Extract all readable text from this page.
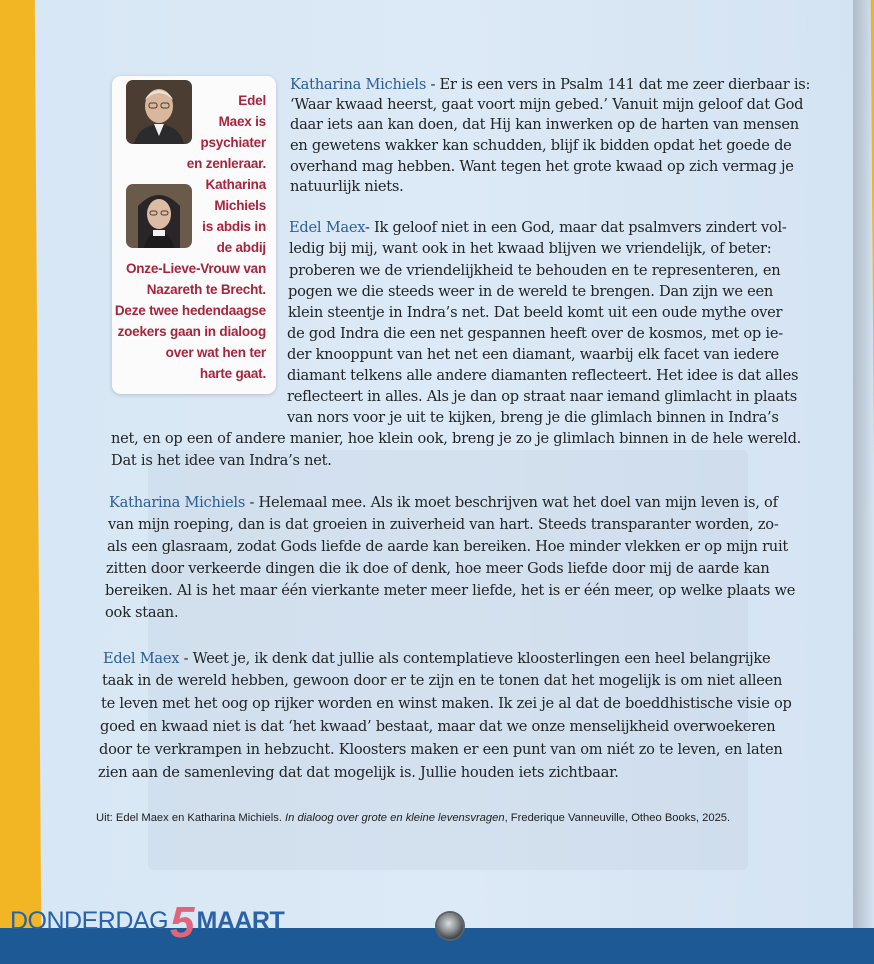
Edel
Maex is
psychiater
en zenleraar.
Katharina
Michiels
is abdis in
de abdij
Onze-Lieve-Vrouw van
Nazareth te Brecht.
Deze twee hedendaagse
zoekers gaan in dialoog
over wat hen ter
harte gaat.
Katharina Michiels - Er is een vers in Psalm 141 dat me zeer dierbaar is:
‘Waar kwaad heerst, gaat voort mijn gebed.’ Vanuit mijn geloof dat God
daar iets aan kan doen, dat Hij kan inwerken op de harten van mensen
en gewetens wakker kan schudden, blijf ik bidden opdat het goede de
overhand mag hebben. Want tegen het grote kwaad op zich vermag je
natuurlijk niets.
Edel Maex- Ik geloof niet in een God, maar dat psalmvers zindert vol-
ledig bij mij, want ook in het kwaad blijven we vriendelijk, of beter:
proberen we de vriendelijkheid te behouden en te representeren, en
pogen we die steeds weer in de wereld te brengen. Dan zijn we een
klein steentje in Indra’s net. Dat beeld komt uit een oude mythe over
de god Indra die een net gespannen heeft over de kosmos, met op ie-
der knooppunt van het net een diamant, waarbij elk facet van iedere
diamant telkens alle andere diamanten reflecteert. Het idee is dat alles
reflecteert in alles. Als je dan op straat naar iemand glimlacht in plaats
van nors voor je uit te kijken, breng je die glimlach binnen in Indra’s
net, en op een of andere manier, hoe klein ook, breng je zo je glimlach binnen in de hele wereld.
Dat is het idee van Indra’s net.
Katharina Michiels - Helemaal mee. Als ik moet beschrijven wat het doel van mijn leven is, of
van mijn roeping, dan is dat groeien in zuiverheid van hart. Steeds transparanter worden, zo-
als een glasraam, zodat Gods liefde de aarde kan bereiken. Hoe minder vlekken er op mijn ruit
zitten door verkeerde dingen die ik doe of denk, hoe meer Gods liefde door mij de aarde kan
bereiken. Al is het maar één vierkante meter meer liefde, het is er één meer, op welke plaats we
ook staan.
Edel Maex - Weet je, ik denk dat jullie als contemplatieve kloosterlingen een heel belangrijke
taak in de wereld hebben, gewoon door er te zijn en te tonen dat het mogelijk is om niet alleen
te leven met het oog op rijker worden en winst maken. Ik zei je al dat de boeddhistische visie op
goed en kwaad niet is dat ‘het kwaad’ bestaat, maar dat we onze menselijkheid overwoekeren
door te verkrampen in hebzucht. Kloosters maken er een punt van om niét zo te leven, en laten
zien aan de samenleving dat dat mogelijk is. Jullie houden iets zichtbaar.
Uit: Edel Maex en Katharina Michiels. In dialoog over grote en kleine levensvragen, Frederique Vanneuville, Otheo Books, 2025.
DONDERDAG5MAART
